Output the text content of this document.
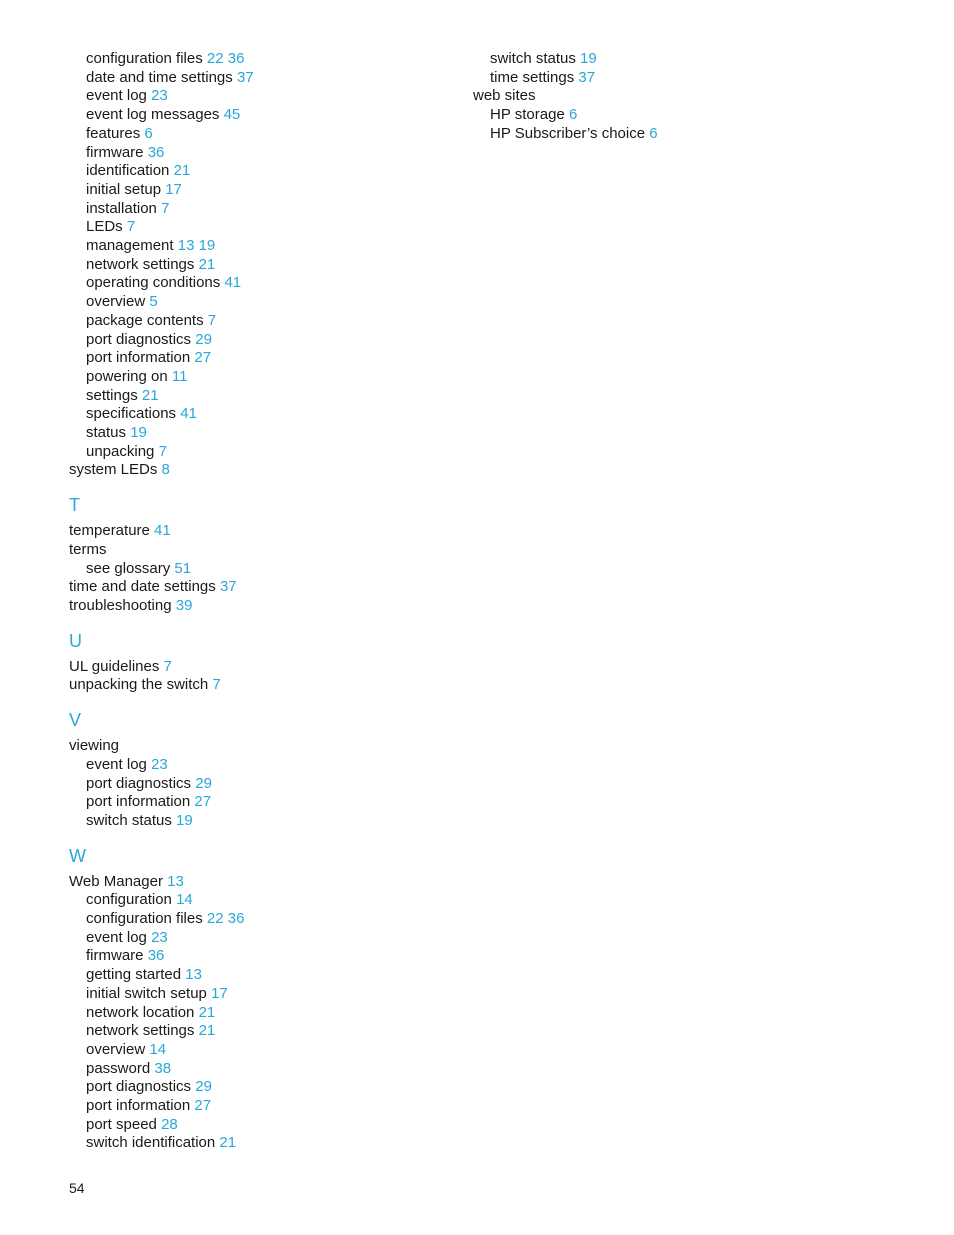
configuration files 22 36
date and time settings 37
event log 23
event log messages 45
features 6
firmware 36
identification 21
initial setup 17
installation 7
LEDs 7
management 13 19
network settings 21
operating conditions 41
overview 5
package contents 7
port diagnostics 29
port information 27
powering on 11
settings 21
specifications 41
status 19
unpacking 7
system LEDs 8
T
temperature 41
terms
see glossary 51
time and date settings 37
troubleshooting 39
U
UL guidelines 7
unpacking the switch 7
V
viewing
event log 23
port diagnostics 29
port information 27
switch status 19
W
Web Manager 13
configuration 14
configuration files 22 36
event log 23
firmware 36
getting started 13
initial switch setup 17
network location 21
network settings 21
overview 14
password 38
port diagnostics 29
port information 27
port speed 28
switch identification 21
switch status 19
time settings 37
web sites
HP storage 6
HP Subscriber’s choice 6
54
